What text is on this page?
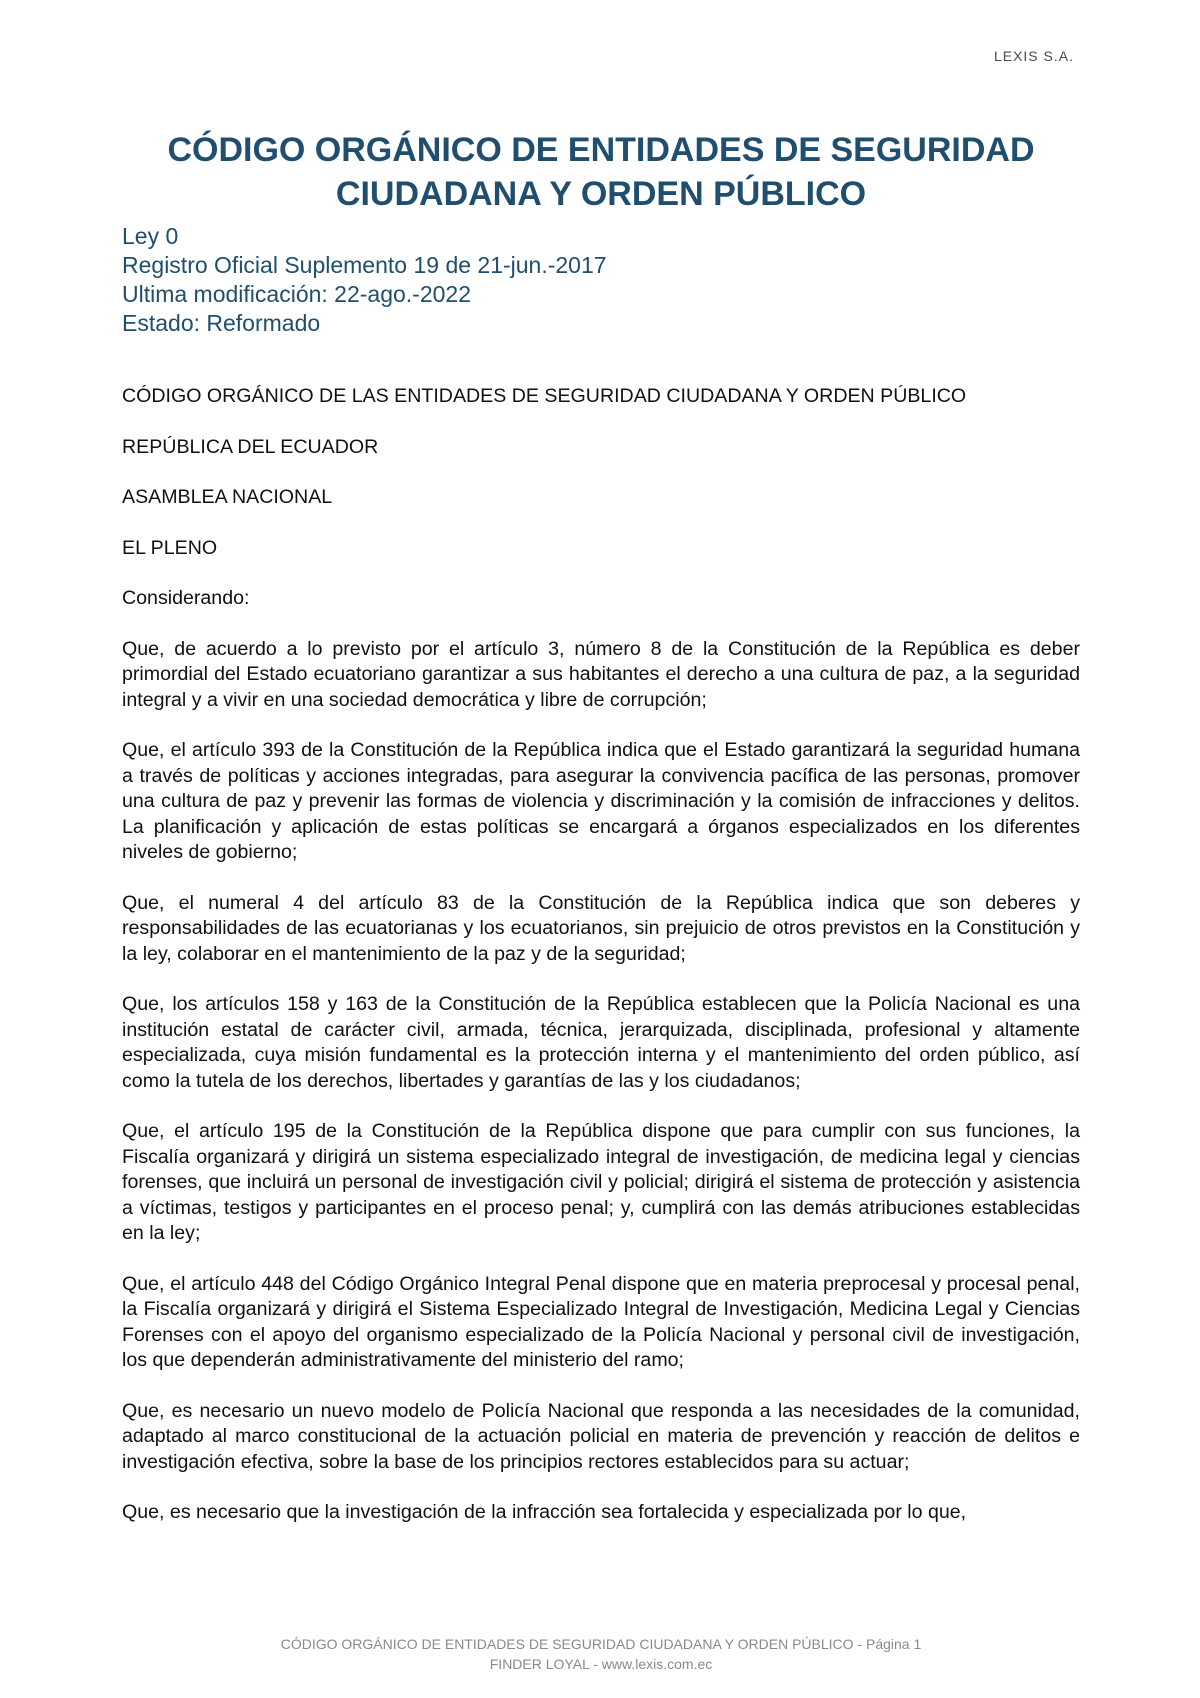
LEXIS S.A.
CÓDIGO ORGÁNICO DE ENTIDADES DE SEGURIDAD
CIUDADANA Y ORDEN PÚBLICO
Ley 0
Registro Oficial Suplemento 19 de 21-jun.-2017
Ultima modificación: 22-ago.-2022
Estado: Reformado

CÓDIGO ORGÁNICO DE LAS ENTIDADES DE SEGURIDAD CIUDADANA Y ORDEN PÚBLICO

REPÚBLICA DEL ECUADOR

ASAMBLEA NACIONAL

EL PLENO

Considerando:

Que, de acuerdo a lo previsto por el artículo 3, número 8 de la Constitución de la República es deber primordial del Estado ecuatoriano garantizar a sus habitantes el derecho a una cultura de paz, a la seguridad integral y a vivir en una sociedad democrática y libre de corrupción;

Que, el artículo 393 de la Constitución de la República indica que el Estado garantizará la seguridad humana a través de políticas y acciones integradas, para asegurar la convivencia pacífica de las personas, promover una cultura de paz y prevenir las formas de violencia y discriminación y la comisión de infracciones y delitos. La planificación y aplicación de estas políticas se encargará a órganos especializados en los diferentes niveles de gobierno;

Que, el numeral 4 del artículo 83 de la Constitución de la República indica que son deberes y responsabilidades de las ecuatorianas y los ecuatorianos, sin prejuicio de otros previstos en la Constitución y la ley, colaborar en el mantenimiento de la paz y de la seguridad;

Que, los artículos 158 y 163 de la Constitución de la República establecen que la Policía Nacional es una institución estatal de carácter civil, armada, técnica, jerarquizada, disciplinada, profesional y altamente especializada, cuya misión fundamental es la protección interna y el mantenimiento del orden público, así como la tutela de los derechos, libertades y garantías de las y los ciudadanos;

Que, el artículo 195 de la Constitución de la República dispone que para cumplir con sus funciones, la Fiscalía organizará y dirigirá un sistema especializado integral de investigación, de medicina legal y ciencias forenses, que incluirá un personal de investigación civil y policial; dirigirá el sistema de protección y asistencia a víctimas, testigos y participantes en el proceso penal; y, cumplirá con las demás atribuciones establecidas en la ley;

Que, el artículo 448 del Código Orgánico Integral Penal dispone que en materia preprocesal y procesal penal, la Fiscalía organizará y dirigirá el Sistema Especializado Integral de Investigación, Medicina Legal y Ciencias Forenses con el apoyo del organismo especializado de la Policía Nacional y personal civil de investigación, los que dependerán administrativamente del ministerio del ramo;

Que, es necesario un nuevo modelo de Policía Nacional que responda a las necesidades de la comunidad, adaptado al marco constitucional de la actuación policial en materia de prevención y reacción de delitos e investigación efectiva, sobre la base de los principios rectores establecidos para su actuar;

Que, es necesario que la investigación de la infracción sea fortalecida y especializada por lo que,

CÓDIGO ORGÁNICO DE ENTIDADES DE SEGURIDAD CIUDADANA Y ORDEN PÚBLICO - Página 1
FINDER LOYAL - www.lexis.com.ec
